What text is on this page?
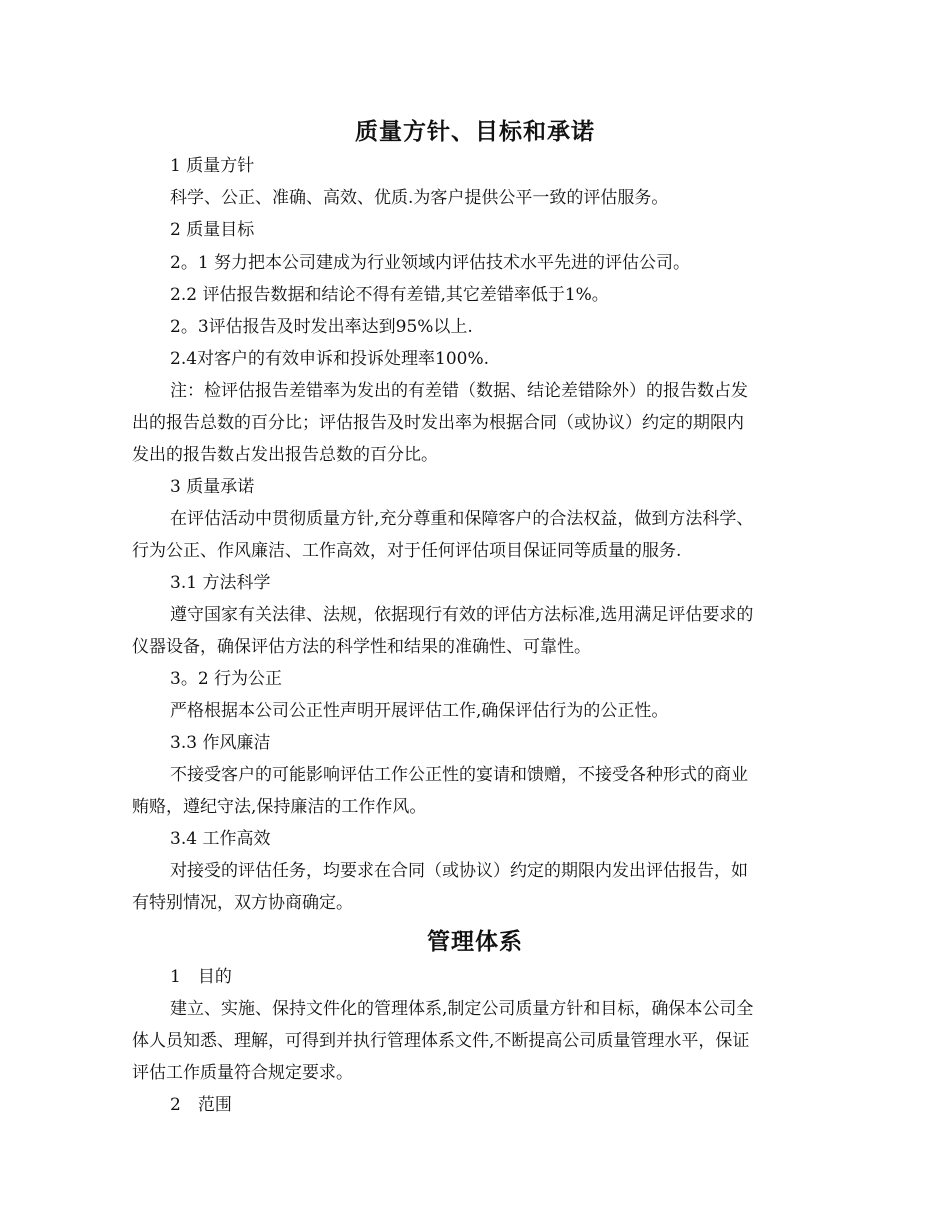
质量方针、目标和承诺
1 质量方针
科学、公正、准确、高效、优质.为客户提供公平一致的评估服务。
2 质量目标
2。1 努力把本公司建成为行业领域内评估技术水平先进的评估公司。
2.2 评估报告数据和结论不得有差错,其它差错率低于1%。
2。3评估报告及时发出率达到95%以上.
2.4对客户的有效申诉和投诉处理率100%.
注：检评估报告差错率为发出的有差错（数据、结论差错除外）的报告数占发
出的报告总数的百分比；评估报告及时发出率为根据合同（或协议）约定的期限内
发出的报告数占发出报告总数的百分比。
3 质量承诺
在评估活动中贯彻质量方针,充分尊重和保障客户的合法权益，做到方法科学、
行为公正、作风廉洁、工作高效，对于任何评估项目保证同等质量的服务.
3.1 方法科学
遵守国家有关法律、法规，依据现行有效的评估方法标准,选用满足评估要求的
仪器设备，确保评估方法的科学性和结果的准确性、可靠性。
3。2 行为公正
严格根据本公司公正性声明开展评估工作,确保评估行为的公正性。
3.3 作风廉洁
不接受客户的可能影响评估工作公正性的宴请和馈赠，不接受各种形式的商业
贿赂，遵纪守法,保持廉洁的工作作风。
3.4 工作高效
对接受的评估任务，均要求在合同（或协议）约定的期限内发出评估报告，如
有特别情况，双方协商确定。
管理体系
1　目的
建立、实施、保持文件化的管理体系,制定公司质量方针和目标，确保本公司全
体人员知悉、理解，可得到并执行管理体系文件,不断提高公司质量管理水平，保证
评估工作质量符合规定要求。
2　范围
